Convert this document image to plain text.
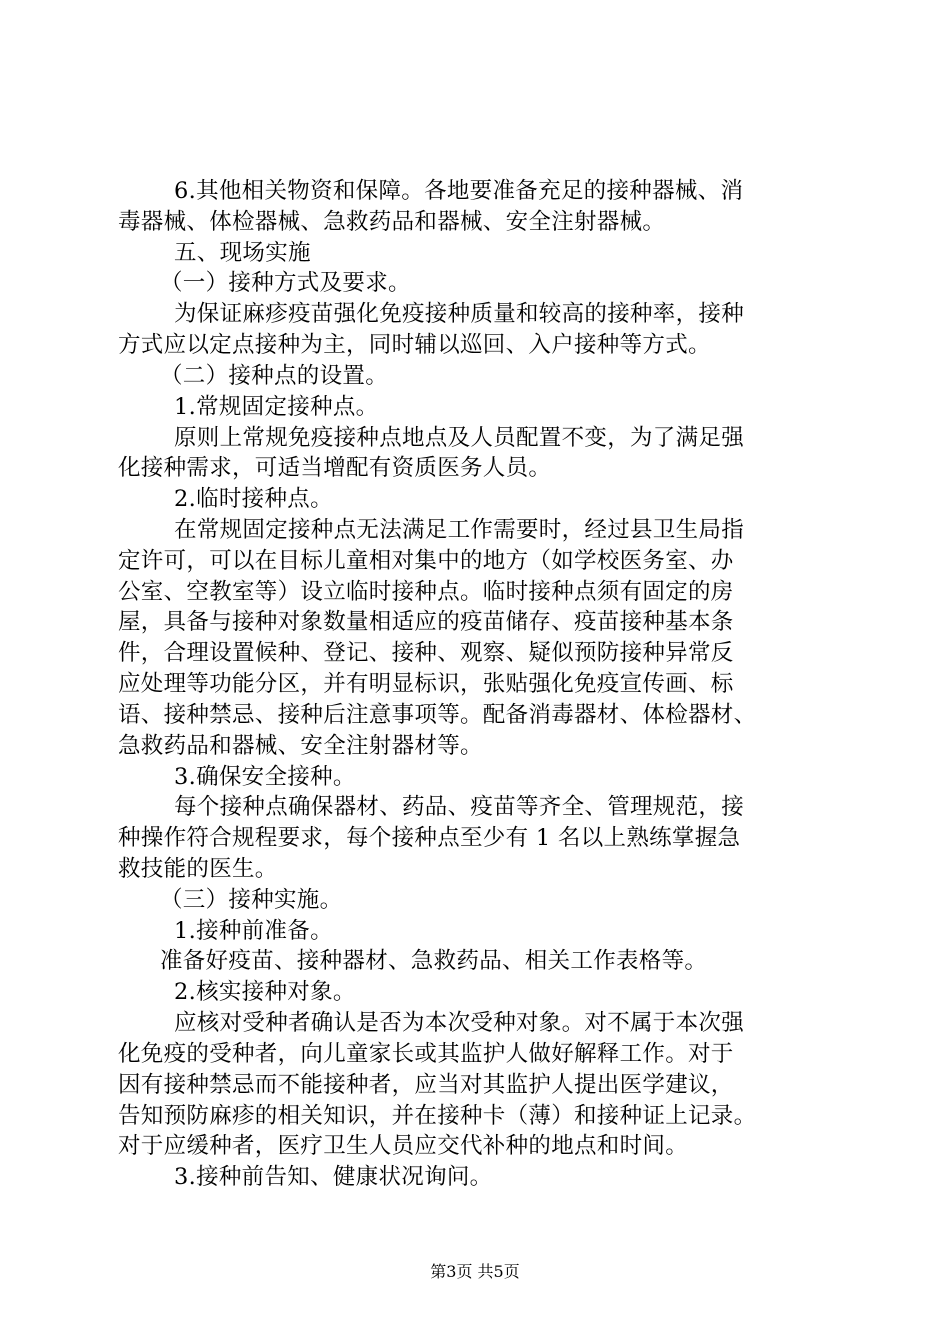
6.其他相关物资和保障。各地要准备充足的接种器械、消
毒器械、体检器械、急救药品和器械、安全注射器械。
五、现场实施
（一）接种方式及要求。
为保证麻疹疫苗强化免疫接种质量和较高的接种率，接种
方式应以定点接种为主，同时辅以巡回、入户接种等方式。
（二）接种点的设置。
1.常规固定接种点。
原则上常规免疫接种点地点及人员配置不变，为了满足强
化接种需求，可适当增配有资质医务人员。
2.临时接种点。
在常规固定接种点无法满足工作需要时，经过县卫生局指
定许可，可以在目标儿童相对集中的地方（如学校医务室、办
公室、空教室等）设立临时接种点。临时接种点须有固定的房
屋，具备与接种对象数量相适应的疫苗储存、疫苗接种基本条
件，合理设置候种、登记、接种、观察、疑似预防接种异常反
应处理等功能分区，并有明显标识，张贴强化免疫宣传画、标
语、接种禁忌、接种后注意事项等。配备消毒器材、体检器材、
急救药品和器械、安全注射器材等。
3.确保安全接种。
每个接种点确保器材、药品、疫苗等齐全、管理规范，接
种操作符合规程要求，每个接种点至少有 1 名以上熟练掌握急
救技能的医生。
（三）接种实施。
1.接种前准备。
准备好疫苗、接种器材、急救药品、相关工作表格等。
2.核实接种对象。
应核对受种者确认是否为本次受种对象。对不属于本次强
化免疫的受种者，向儿童家长或其监护人做好解释工作。对于
因有接种禁忌而不能接种者，应当对其监护人提出医学建议，
告知预防麻疹的相关知识，并在接种卡（薄）和接种证上记录。
对于应缓种者，医疗卫生人员应交代补种的地点和时间。
3.接种前告知、健康状况询问。
第3页 共5页
